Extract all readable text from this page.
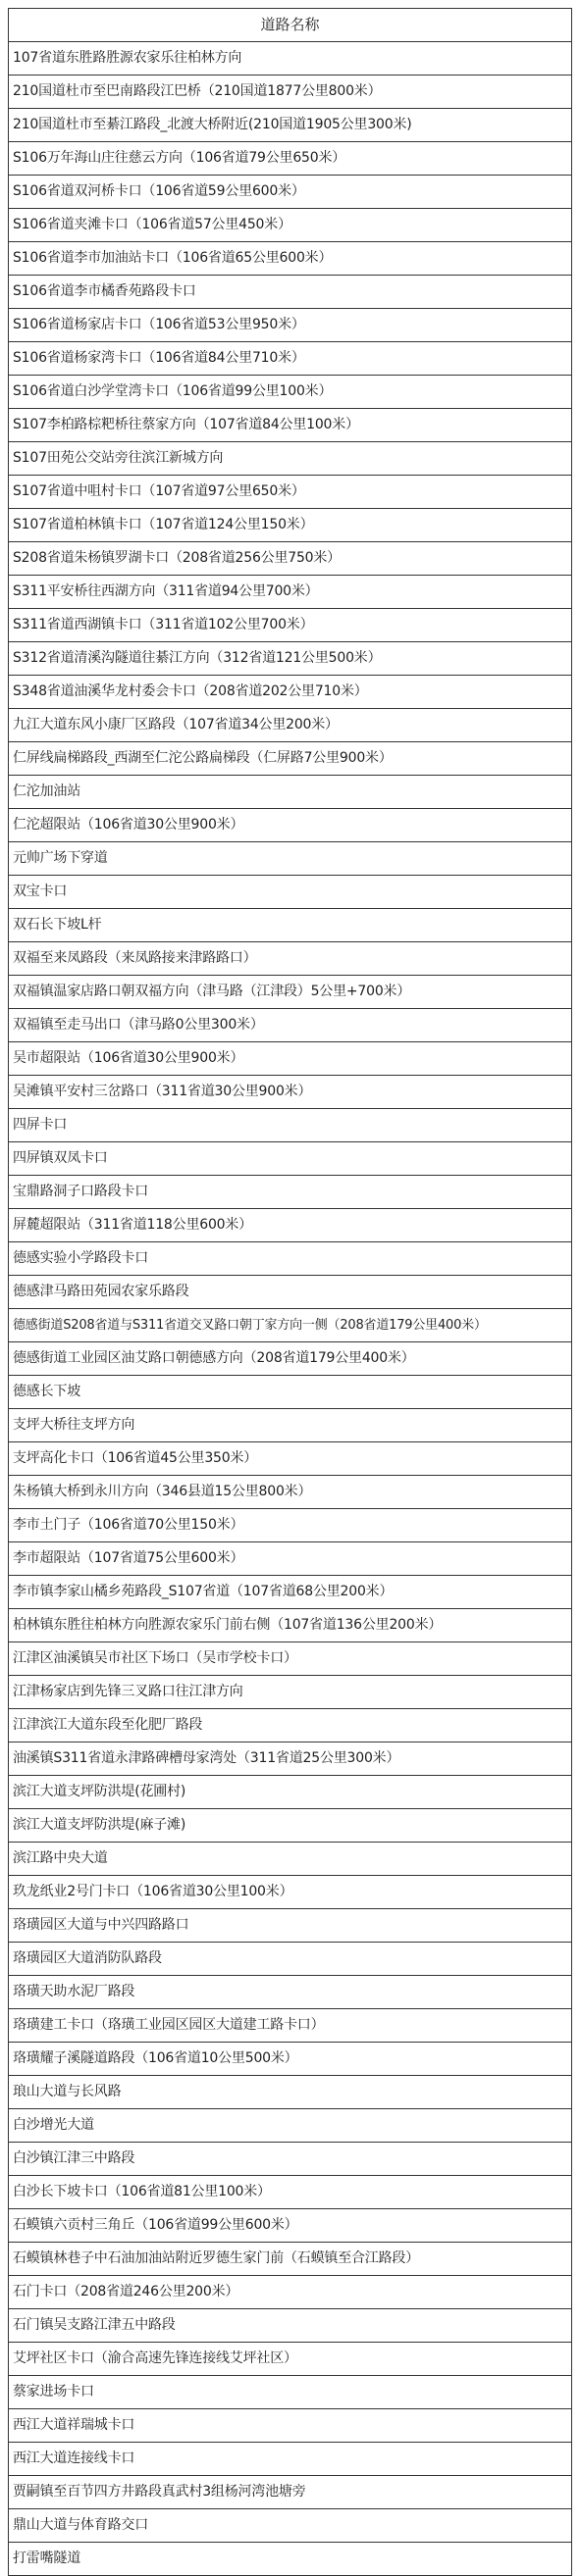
道路名称
107省道东胜路胜源农家乐往柏林方向
210国道杜市至巴南路段江巴桥（210国道1877公里800米）
210国道杜市至綦江路段_北渡大桥附近(210国道1905公里300米)
S106万年海山庄往慈云方向（106省道79公里650米）
S106省道双河桥卡口（106省道59公里600米）
S106省道夹滩卡口（106省道57公里450米）
S106省道李市加油站卡口（106省道65公里600米）
S106省道李市橘香苑路段卡口
S106省道杨家店卡口（106省道53公里950米）
S106省道杨家湾卡口（106省道84公里710米）
S106省道白沙学堂湾卡口（106省道99公里100米）
S107李柏路棕粑桥往蔡家方向（107省道84公里100米）
S107田苑公交站旁往滨江新城方向
S107省道中咀村卡口（107省道97公里650米）
S107省道柏林镇卡口（107省道124公里150米）
S208省道朱杨镇罗湖卡口（208省道256公里750米）
S311平安桥往西湖方向（311省道94公里700米）
S311省道西湖镇卡口（311省道102公里700米）
S312省道清溪沟隧道往綦江方向（312省道121公里500米）
S348省道油溪华龙村委会卡口（208省道202公里710米）
九江大道东风小康厂区路段（107省道34公里200米）
仁屏线扁梯路段_西湖至仁沱公路扁梯段（仁屏路7公里900米）
仁沱加油站
仁沱超限站（106省道30公里900米）
元帅广场下穿道
双宝卡口
双石长下坡L杆
双福至来凤路段（来凤路接来津路路口）
双福镇温家店路口朝双福方向（津马路（江津段）5公里+700米）
双福镇至走马出口（津马路0公里300米）
吴市超限站（106省道30公里900米）
吴滩镇平安村三岔路口（311省道30公里900米）
四屏卡口
四屏镇双凤卡口
宝鼎路洞子口路段卡口
屏麓超限站（311省道118公里600米）
德感实验小学路段卡口
德感津马路田苑园农家乐路段
德感街道S208省道与S311省道交叉路口朝丁家方向一侧（208省道179公里400米）
德感街道工业园区油艾路口朝德感方向（208省道179公里400米）
德感长下坡
支坪大桥往支坪方向
支坪高化卡口（106省道45公里350米）
朱杨镇大桥到永川方向（346县道15公里800米）
李市土门子（106省道70公里150米）
李市超限站（107省道75公里600米）
李市镇李家山橘乡苑路段_S107省道（107省道68公里200米）
柏林镇东胜往柏林方向胜源农家乐门前右侧（107省道136公里200米）
江津区油溪镇吴市社区下场口（吴市学校卡口）
江津杨家店到先锋三叉路口往江津方向
江津滨江大道东段至化肥厂路段
油溪镇S311省道永津路碑槽母家湾处（311省道25公里300米）
滨江大道支坪防洪堤(花圃村)
滨江大道支坪防洪堤(麻子滩)
滨江路中央大道
玖龙纸业2号门卡口（106省道30公里100米）
珞璜园区大道与中兴四路路口
珞璜园区大道消防队路段
珞璜天助水泥厂路段
珞璜建工卡口（珞璜工业园区园区大道建工路卡口）
珞璜耀子溪隧道路段（106省道10公里500米）
琅山大道与长风路
白沙增光大道
白沙镇江津三中路段
白沙长下坡卡口（106省道81公里100米）
石蟆镇六贡村三角丘（106省道99公里600米）
石蟆镇林巷子中石油加油站附近罗德生家门前（石蟆镇至合江路段）
石门卡口（208省道246公里200米）
石门镇吴支路江津五中路段
艾坪社区卡口（渝合高速先锋连接线艾坪社区）
蔡家进场卡口
西江大道祥瑞城卡口
西江大道连接线卡口
贾嗣镇至百节四方井路段真武村3组杨河湾池塘旁
鼎山大道与体育路交口
打雷嘴隧道
